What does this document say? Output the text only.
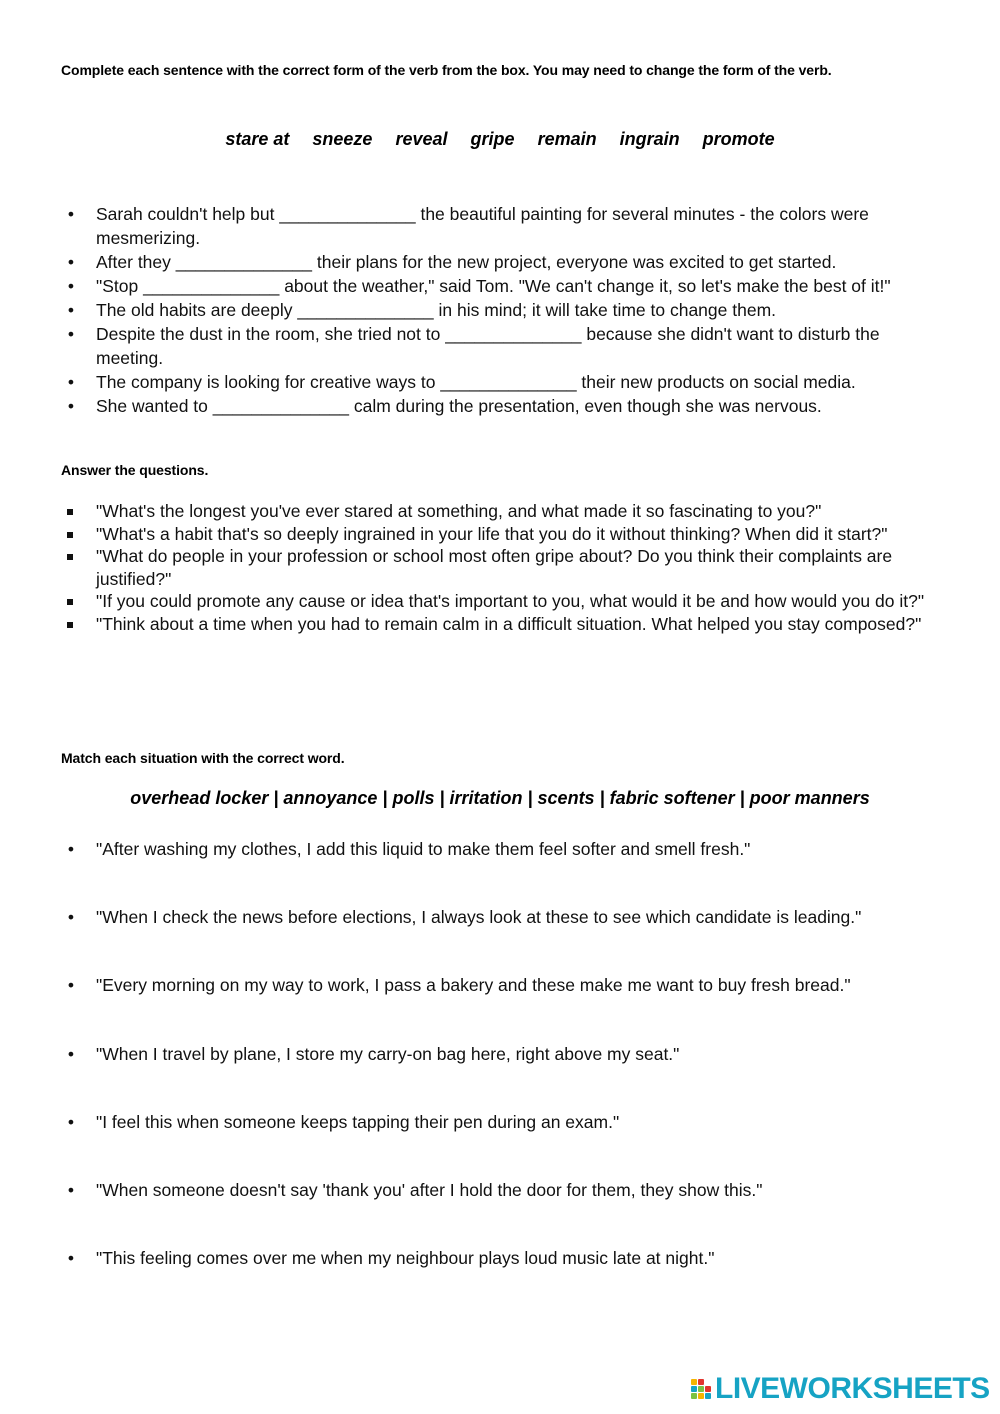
Complete each sentence with the correct form of the verb from the box. You may need to change the form of the verb.
stare at sneeze reveal gripe remain ingrain promote
• Sarah couldn't help but ______________ the beautiful painting for several minutes - the colors were mesmerizing.
• After they ______________ their plans for the new project, everyone was excited to get started.
• "Stop ______________ about the weather," said Tom. "We can't change it, so let's make the best of it!"
• The old habits are deeply ______________ in his mind; it will take time to change them.
• Despite the dust in the room, she tried not to ______________ because she didn't want to disturb the meeting.
• The company is looking for creative ways to ______________ their new products on social media.
• She wanted to ______________ calm during the presentation, even though she was nervous.
Answer the questions.
"What's the longest you've ever stared at something, and what made it so fascinating to you?"
"What's a habit that's so deeply ingrained in your life that you do it without thinking? When did it start?"
"What do people in your profession or school most often gripe about? Do you think their complaints are justified?"
"If you could promote any cause or idea that's important to you, what would it be and how would you do it?"
"Think about a time when you had to remain calm in a difficult situation. What helped you stay composed?"
Match each situation with the correct word.
overhead locker | annoyance | polls | irritation | scents | fabric softener | poor manners
• "After washing my clothes, I add this liquid to make them feel softer and smell fresh."
• "When I check the news before elections, I always look at these to see which candidate is leading."
• "Every morning on my way to work, I pass a bakery and these make me want to buy fresh bread."
• "When I travel by plane, I store my carry-on bag here, right above my seat."
• "I feel this when someone keeps tapping their pen during an exam."
• "When someone doesn't say 'thank you' after I hold the door for them, they show this."
• "This feeling comes over me when my neighbour plays loud music late at night."
LIVEWORKSHEETS
